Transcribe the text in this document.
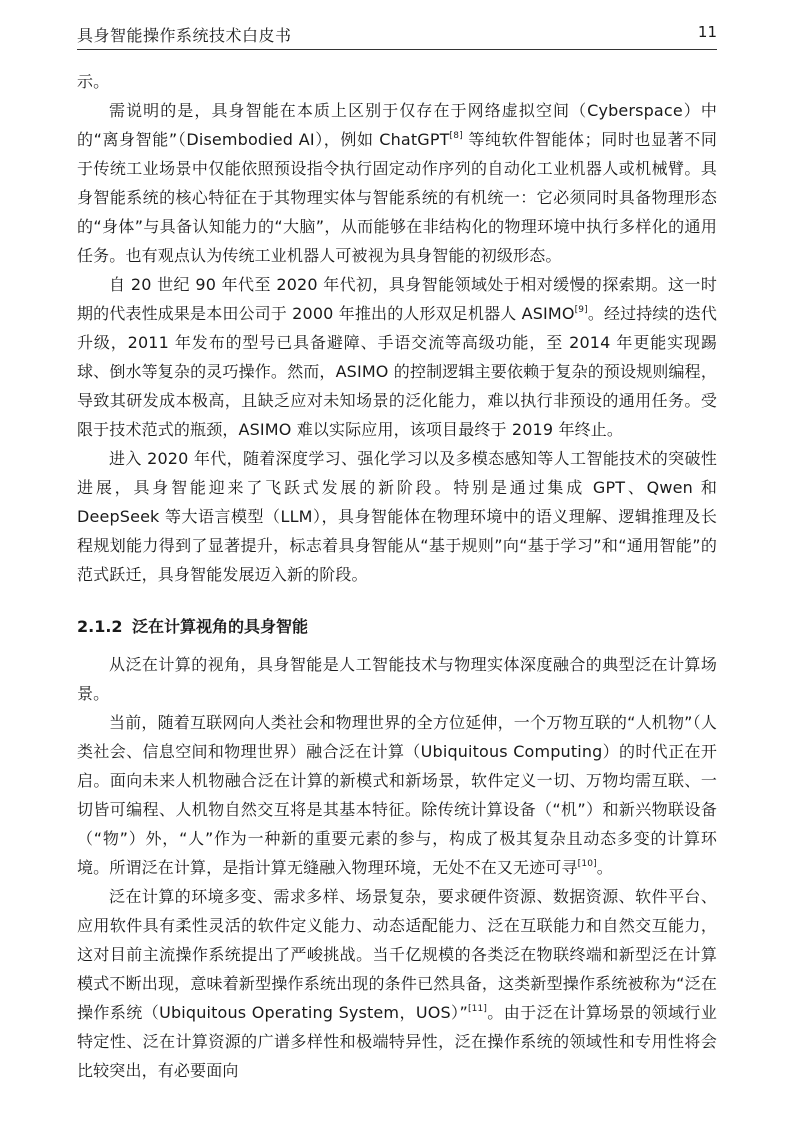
具身智能操作系统技术白皮书	11

示。

需说明的是，具身智能在本质上区别于仅存在于网络虚拟空间（Cyberspace）中的“离身智能”（Disembodied AI），例如 ChatGPT[8] 等纯软件智能体；同时也显著不同于传统工业场景中仅能依照预设指令执行固定动作序列的自动化工业机器人或机械臂。具身智能系统的核心特征在于其物理实体与智能系统的有机统一：它必须同时具备物理形态的“身体”与具备认知能力的“大脑”，从而能够在非结构化的物理环境中执行多样化的通用任务。也有观点认为传统工业机器人可被视为具身智能的初级形态。

自 20 世纪 90 年代至 2020 年代初，具身智能领域处于相对缓慢的探索期。这一时期的代表性成果是本田公司于 2000 年推出的人形双足机器人 ASIMO[9]。经过持续的迭代升级，2011 年发布的型号已具备避障、手语交流等高级功能，至 2014 年更能实现踢球、倒水等复杂的灵巧操作。然而，ASIMO 的控制逻辑主要依赖于复杂的预设规则编程，导致其研发成本极高，且缺乏应对未知场景的泛化能力，难以执行非预设的通用任务。受限于技术范式的瓶颈，ASIMO 难以实际应用，该项目最终于 2019 年终止。

进入 2020 年代，随着深度学习、强化学习以及多模态感知等人工智能技术的突破性进展，具身智能迎来了飞跃式发展的新阶段。特别是通过集成 GPT、Qwen 和 DeepSeek 等大语言模型（LLM），具身智能体在物理环境中的语义理解、逻辑推理及长程规划能力得到了显著提升，标志着具身智能从“基于规则”向“基于学习”和“通用智能”的范式跃迁，具身智能发展迈入新的阶段。

2.1.2 泛在计算视角的具身智能

从泛在计算的视角，具身智能是人工智能技术与物理实体深度融合的典型泛在计算场景。

当前，随着互联网向人类社会和物理世界的全方位延伸，一个万物互联的“人机物”（人类社会、信息空间和物理世界）融合泛在计算（Ubiquitous Computing）的时代正在开启。面向未来人机物融合泛在计算的新模式和新场景，软件定义一切、万物均需互联、一切皆可编程、人机物自然交互将是其基本特征。除传统计算设备（“机”）和新兴物联设备（“物”）外，“人”作为一种新的重要元素的参与，构成了极其复杂且动态多变的计算环境。所谓泛在计算，是指计算无缝融入物理环境，无处不在又无迹可寻[10]。

泛在计算的环境多变、需求多样、场景复杂，要求硬件资源、数据资源、软件平台、应用软件具有柔性灵活的软件定义能力、动态适配能力、泛在互联能力和自然交互能力，这对目前主流操作系统提出了严峻挑战。当千亿规模的各类泛在物联终端和新型泛在计算模式不断出现，意味着新型操作系统出现的条件已然具备，这类新型操作系统被称为“泛在操作系统（Ubiquitous Operating System，UOS）”[11]。由于泛在计算场景的领域行业特定性、泛在计算资源的广谱多样性和极端特异性，泛在操作系统的领域性和专用性将会比较突出，有必要面向
